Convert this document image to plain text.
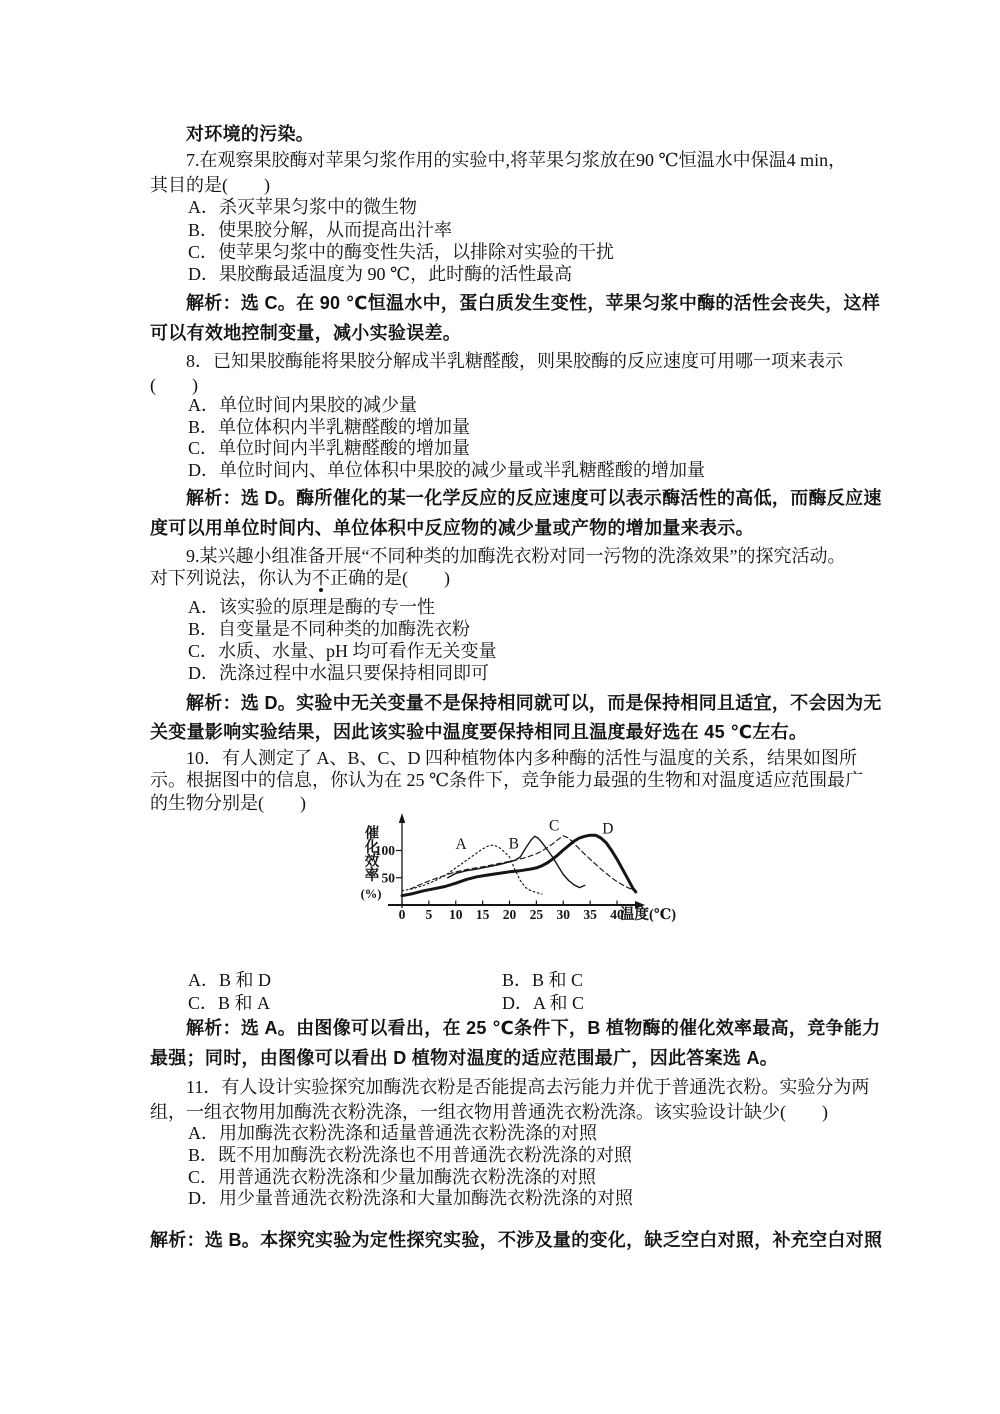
对环境的污染。
7.在观察果胶酶对苹果匀浆作用的实验中,将苹果匀浆放在90 ℃恒温水中保温4 min，
其目的是(　　)
A．杀灭苹果匀浆中的微生物
B．使果胶分解，从而提高出汁率
C．使苹果匀浆中的酶变性失活，以排除对实验的干扰
D．果胶酶最适温度为 90 ℃，此时酶的活性最高
解析：选 C。在 90 ℃恒温水中，蛋白质发生变性，苹果匀浆中酶的活性会丧失，这样
可以有效地控制变量，减小实验误差。
8．已知果胶酶能将果胶分解成半乳糖醛酸，则果胶酶的反应速度可用哪一项来表示
(　　)
A．单位时间内果胶的减少量
B．单位体积内半乳糖醛酸的增加量
C．单位时间内半乳糖醛酸的增加量
D．单位时间内、单位体积中果胶的减少量或半乳糖醛酸的增加量
解析：选 D。酶所催化的某一化学反应的反应速度可以表示酶活性的高低，而酶反应速
度可以用单位时间内、单位体积中反应物的减少量或产物的增加量来表示。
9.某兴趣小组准备开展“不同种类的加酶洗衣粉对同一污物的洗涤效果”的探究活动。
对下列说法，你认为不正确的是(　　)
A．该实验的原理是酶的专一性
B．自变量是不同种类的加酶洗衣粉
C．水质、水量、pH 均可看作无关变量
D．洗涤过程中水温只要保持相同即可
解析：选 D。实验中无关变量不是保持相同就可以，而是保持相同且适宜，不会因为无
关变量影响实验结果，因此该实验中温度要保持相同且温度最好选在 45 ℃左右。
10．有人测定了 A、B、C、D 四种植物体内多种酶的活性与温度的关系，结果如图所
示。根据图中的信息，你认为在 25 ℃条件下，竞争能力最强的生物和对温度适应范围最广
的生物分别是(　　)
0 5 10 15 20 25 30 35 40
温度(℃)
50
100
催
化
效
率
(%)
A	B
C	D
A．B 和 D	B．B 和 C
C．B 和 A	D．A 和 C
解析：选 A。由图像可以看出，在 25 ℃条件下，B 植物酶的催化效率最高，竞争能力
最强；同时，由图像可以看出 D 植物对温度的适应范围最广，因此答案选 A。
11．有人设计实验探究加酶洗衣粉是否能提高去污能力并优于普通洗衣粉。实验分为两
组，一组衣物用加酶洗衣粉洗涤，一组衣物用普通洗衣粉洗涤。该实验设计缺少(　　)
A．用加酶洗衣粉洗涤和适量普通洗衣粉洗涤的对照
B．既不用加酶洗衣粉洗涤也不用普通洗衣粉洗涤的对照
C．用普通洗衣粉洗涤和少量加酶洗衣粉洗涤的对照
D．用少量普通洗衣粉洗涤和大量加酶洗衣粉洗涤的对照
解析：选 B。本探究实验为定性探究实验，不涉及量的变化，缺乏空白对照，补充空白对照
